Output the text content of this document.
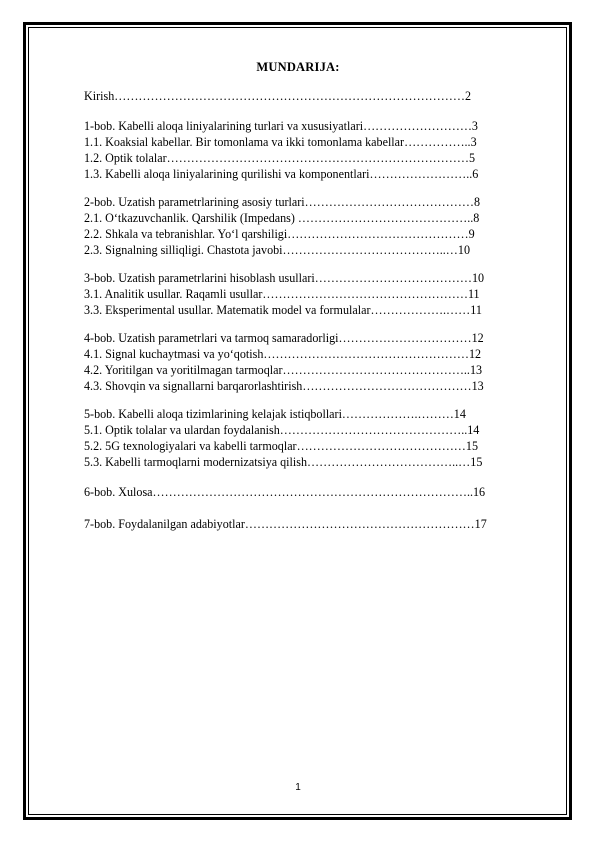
MUNDARIJA:
Kirish……………………………………………………………………………2
1-bob. Kabelli aloqa liniyalarining turlari va xususiyatlari………………………3
1.1. Koaksial kabellar. Bir tomonlama va ikki tomonlama kabellar……………..3
1.2. Optik tolalar…………………………………………………………………5
1.3. Kabelli aloqa liniyalarining qurilishi va komponentlari……………………..6
2-bob. Uzatish parametrlarining asosiy turlari……………………………………8
2.1. O‘tkazuvchanlik. Qarshilik (Impedans) ……………………………………..8
2.2. Shkala va tebranishlar. Yo‘l qarshiligi………………………………………9
2.3. Signalning silliqligi. Chastota javobi…………………………………..…10
3-bob. Uzatish parametrlarini hisoblash usullari…………………………………10
3.1. Analitik usullar. Raqamli usullar……………………………………………11
3.3. Eksperimental usullar. Matematik model va formulalar……………….……11
4-bob. Uzatish parametrlari va tarmoq samaradorligi……………………………12
4.1. Signal kuchaytmasi va yo‘qotish……………………………………………12
4.2. Yoritilgan va yoritilmagan tarmoqlar………………………………………..13
4.3. Shovqin va signallarni barqarorlashtirish……………………………………13
5-bob. Kabelli aloqa tizimlarining kelajak istiqbollari……………….………14
5.1. Optik tolalar va ulardan foydalanish………………………………………..14
5.2. 5G texnologiyalari va kabelli tarmoqlar……………………………………15
5.3. Kabelli tarmoqlarni modernizatsiya qilish………………………………..…15
6-bob. Xulosa……………………………………………………………………..16
7-bob. Foydalanilgan adabiyotlar…………………………………………………17
1
